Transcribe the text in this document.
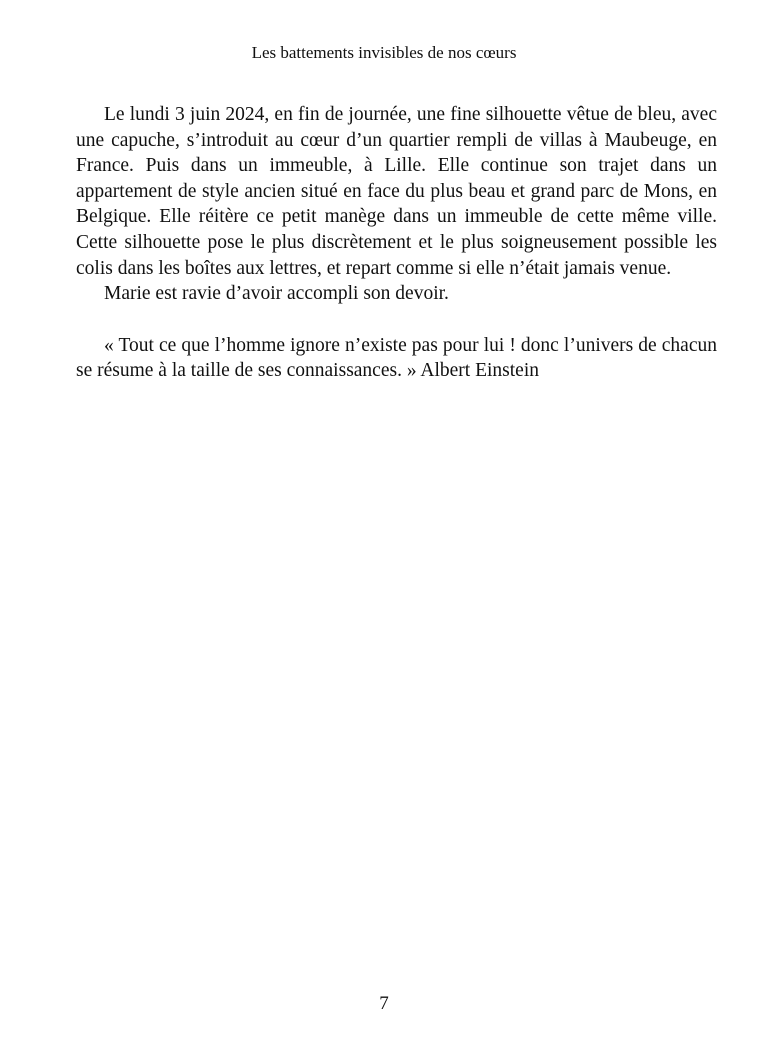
Les battements invisibles de nos cœurs

Le lundi 3 juin 2024, en fin de journée, une fine silhouette vêtue de bleu, avec une capuche, s’introduit au cœur d’un quartier rempli de villas à Maubeuge, en France. Puis dans un immeuble, à Lille. Elle continue son trajet dans un appartement de style ancien situé en face du plus beau et grand parc de Mons, en Belgique. Elle réitère ce petit manège dans un immeuble de cette même ville. Cette silhouette pose le plus discrètement et le plus soigneusement possible les colis dans les boîtes aux lettres, et repart comme si elle n’était jamais venue.

Marie est ravie d’avoir accompli son devoir.

« Tout ce que l’homme ignore n’existe pas pour lui ! donc l’univers de chacun se résume à la taille de ses connaissances. » Albert Einstein

7
